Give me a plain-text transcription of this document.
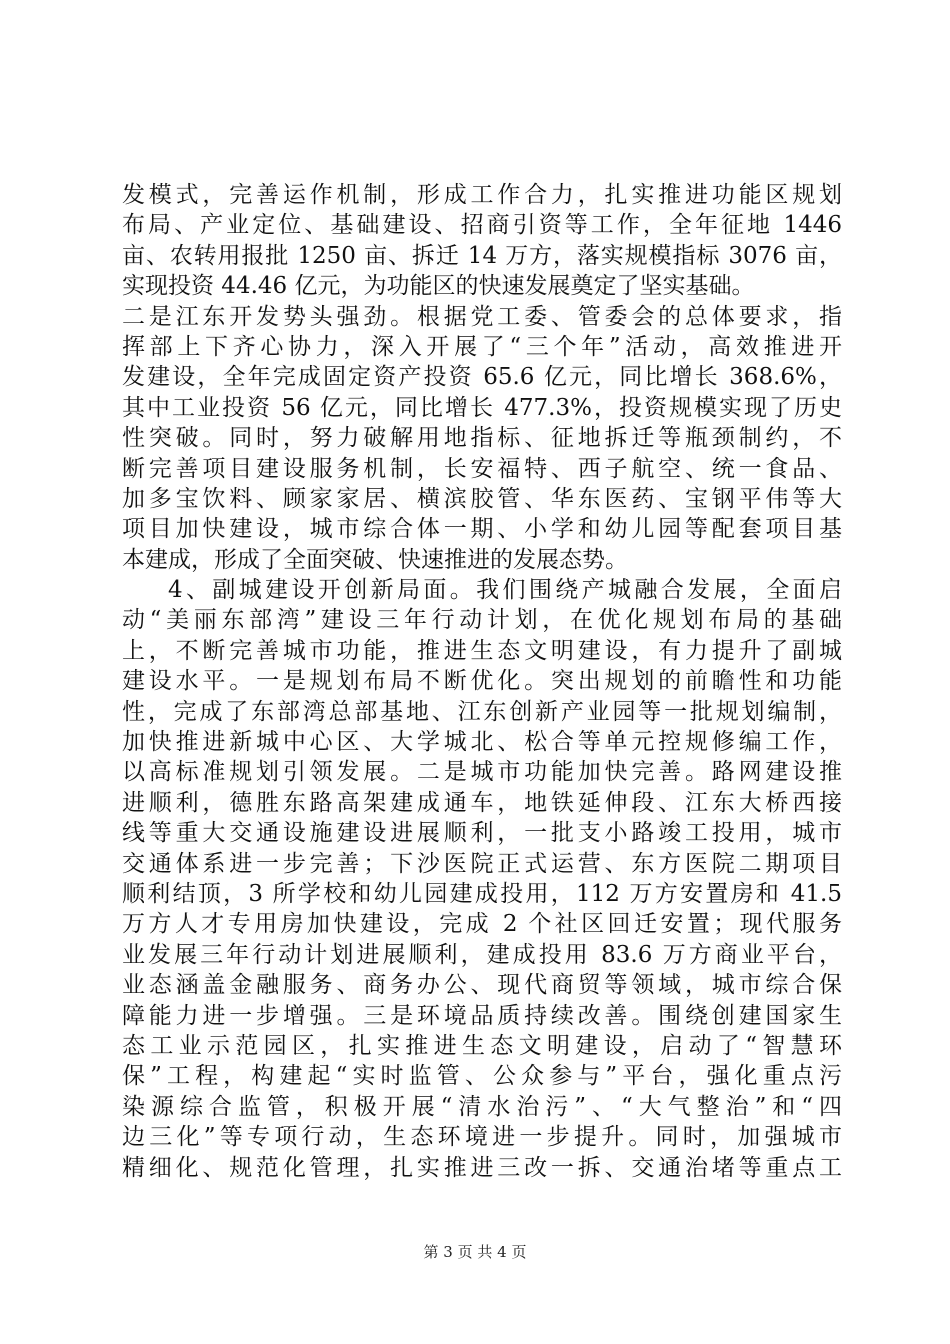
发模式，完善运作机制，形成工作合力，扎实推进功能区规划
布局、产业定位、基础建设、招商引资等工作，全年征地 1446
亩、农转用报批 1250 亩、拆迁 14 万方，落实规模指标 3076 亩，
实现投资 44.46 亿元，为功能区的快速发展奠定了坚实基础。
二是江东开发势头强劲。根据党工委、管委会的总体要求，指
挥部上下齐心协力，深入开展了“三个年”活动，高效推进开
发建设，全年完成固定资产投资 65.6 亿元，同比增长 368.6%，
其中工业投资 56 亿元，同比增长 477.3%，投资规模实现了历史
性突破。同时，努力破解用地指标、征地拆迁等瓶颈制约，不
断完善项目建设服务机制，长安福特、西子航空、统一食品、
加多宝饮料、顾家家居、横滨胶管、华东医药、宝钢平伟等大
项目加快建设，城市综合体一期、小学和幼儿园等配套项目基
本建成，形成了全面突破、快速推进的发展态势。
4、副城建设开创新局面。我们围绕产城融合发展，全面启
动“美丽东部湾”建设三年行动计划，在优化规划布局的基础
上，不断完善城市功能，推进生态文明建设，有力提升了副城
建设水平。一是规划布局不断优化。突出规划的前瞻性和功能
性，完成了东部湾总部基地、江东创新产业园等一批规划编制，
加快推进新城中心区、大学城北、松合等单元控规修编工作，
以高标准规划引领发展。二是城市功能加快完善。路网建设推
进顺利，德胜东路高架建成通车，地铁延伸段、江东大桥西接
线等重大交通设施建设进展顺利，一批支小路竣工投用，城市
交通体系进一步完善；下沙医院正式运营、东方医院二期项目
顺利结顶，3 所学校和幼儿园建成投用，112 万方安置房和 41.5
万方人才专用房加快建设，完成 2 个社区回迁安置；现代服务
业发展三年行动计划进展顺利，建成投用 83.6 万方商业平台，
业态涵盖金融服务、商务办公、现代商贸等领域，城市综合保
障能力进一步增强。三是环境品质持续改善。围绕创建国家生
态工业示范园区，扎实推进生态文明建设，启动了“智慧环
保”工程，构建起“实时监管、公众参与”平台，强化重点污
染源综合监管，积极开展“清水治污”、“大气整治”和“四
边三化”等专项行动，生态环境进一步提升。同时，加强城市
精细化、规范化管理，扎实推进三改一拆、交通治堵等重点工
第 3 页 共 4 页
